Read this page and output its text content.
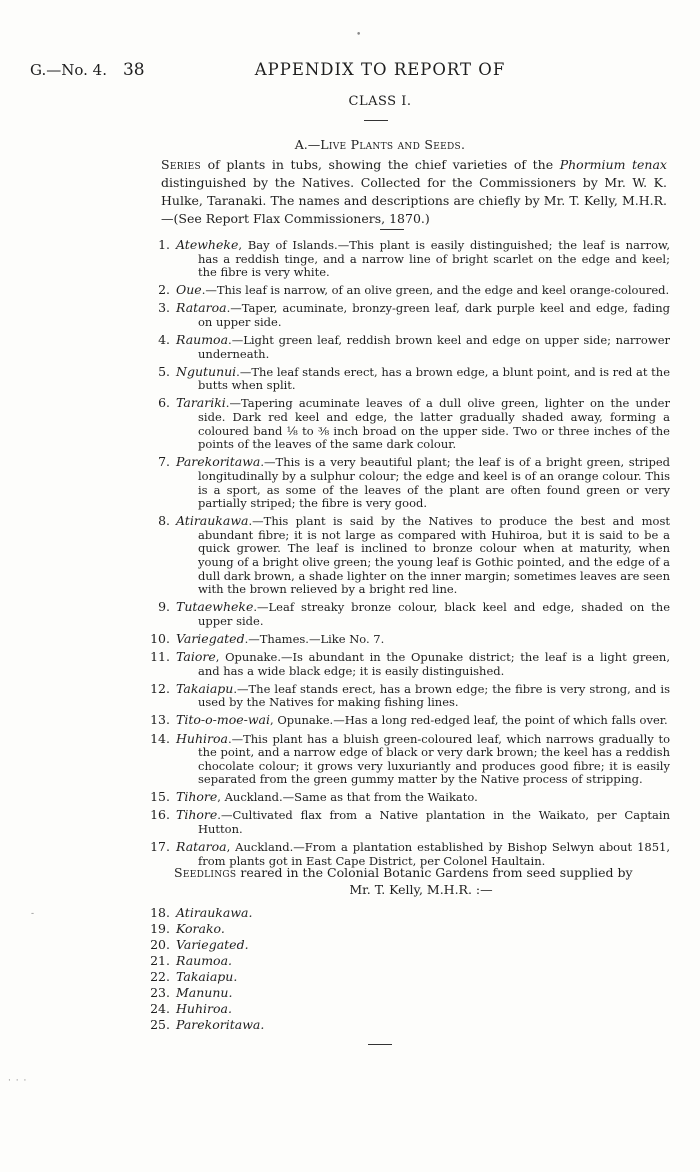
G.—No. 4. 38	APPENDIX TO REPORT OF
CLASS I.
A.—Live Plants and Seeds.

Series of plants in tubs, showing the chief varieties of the Phormium tenax distinguished by the Natives. Collected for the Commissioners by Mr. W. K. Hulke, Taranaki. The names and descriptions are chiefly by Mr. T. Kelly, M.H.R.—(See Report Flax Commissioners, 1870.)

1. Atewheke, Bay of Islands.—This plant is easily distinguished; the leaf is narrow, has a reddish tinge, and a narrow line of bright scarlet on the edge and keel; the fibre is very white.
2. Oue.—This leaf is narrow, of an olive green, and the edge and keel orange-coloured.
3. Rataroa.—Taper, acuminate, bronzy-green leaf, dark purple keel and edge, fading on upper side.
4. Raumoa.—Light green leaf, reddish brown keel and edge on upper side; narrower underneath.
5. Ngutunui.—The leaf stands erect, has a brown edge, a blunt point, and is red at the butts when split.
6. Tarariki.—Tapering acuminate leaves of a dull olive green, lighter on the under side. Dark red keel and edge, the latter gradually shaded away, forming a coloured band ⅛ to ⅜ inch broad on the upper side. Two or three inches of the points of the leaves of the same dark colour.
7. Parekoritawa.—This is a very beautiful plant; the leaf is of a bright green, striped longitudinally by a sulphur colour; the edge and keel is of an orange colour. This is a sport, as some of the leaves of the plant are often found green or very partially striped; the fibre is very good.
8. Atiraukawa.—This plant is said by the Natives to produce the best and most abundant fibre; it is not large as compared with Huhiroa, but it is said to be a quick grower. The leaf is inclined to bronze colour when at maturity, when young of a bright olive green; the young leaf is Gothic pointed, and the edge of a dull dark brown, a shade lighter on the inner margin; sometimes leaves are seen with the brown relieved by a bright red line.
9. Tutaewheke.—Leaf streaky bronze colour, black keel and edge, shaded on the upper side.
10. Variegated.—Thames.—Like No. 7.
11. Taiore, Opunake.—Is abundant in the Opunake district; the leaf is a light green, and has a wide black edge; it is easily distinguished.
12. Takaiapu.—The leaf stands erect, has a brown edge; the fibre is very strong, and is used by the Natives for making fishing lines.
13. Tito-o-moe-wai, Opunake.—Has a long red-edged leaf, the point of which falls over.
14. Huhiroa.—This plant has a bluish green-coloured leaf, which narrows gradually to the point, and a narrow edge of black or very dark brown; the keel has a reddish chocolate colour; it grows very luxuriantly and produces good fibre; it is easily separated from the green gummy matter by the Native process of stripping.
15. Tihore, Auckland.—Same as that from the Waikato.
16. Tihore.—Cultivated flax from a Native plantation in the Waikato, per Captain Hutton.
17. Rataroa, Auckland.—From a plantation established by Bishop Selwyn about 1851, from plants got in East Cape District, per Colonel Haultain.

Seedlings reared in the Colonial Botanic Gardens from seed supplied by
Mr. T. Kelly, M.H.R. :—

18. Atiraukawa.
19. Korako.
20. Variegated.
21. Raumoa.
22. Takaiapu.
23. Manunu.
24. Huhiroa.
25. Parekoritawa.
•
-
· · ·
